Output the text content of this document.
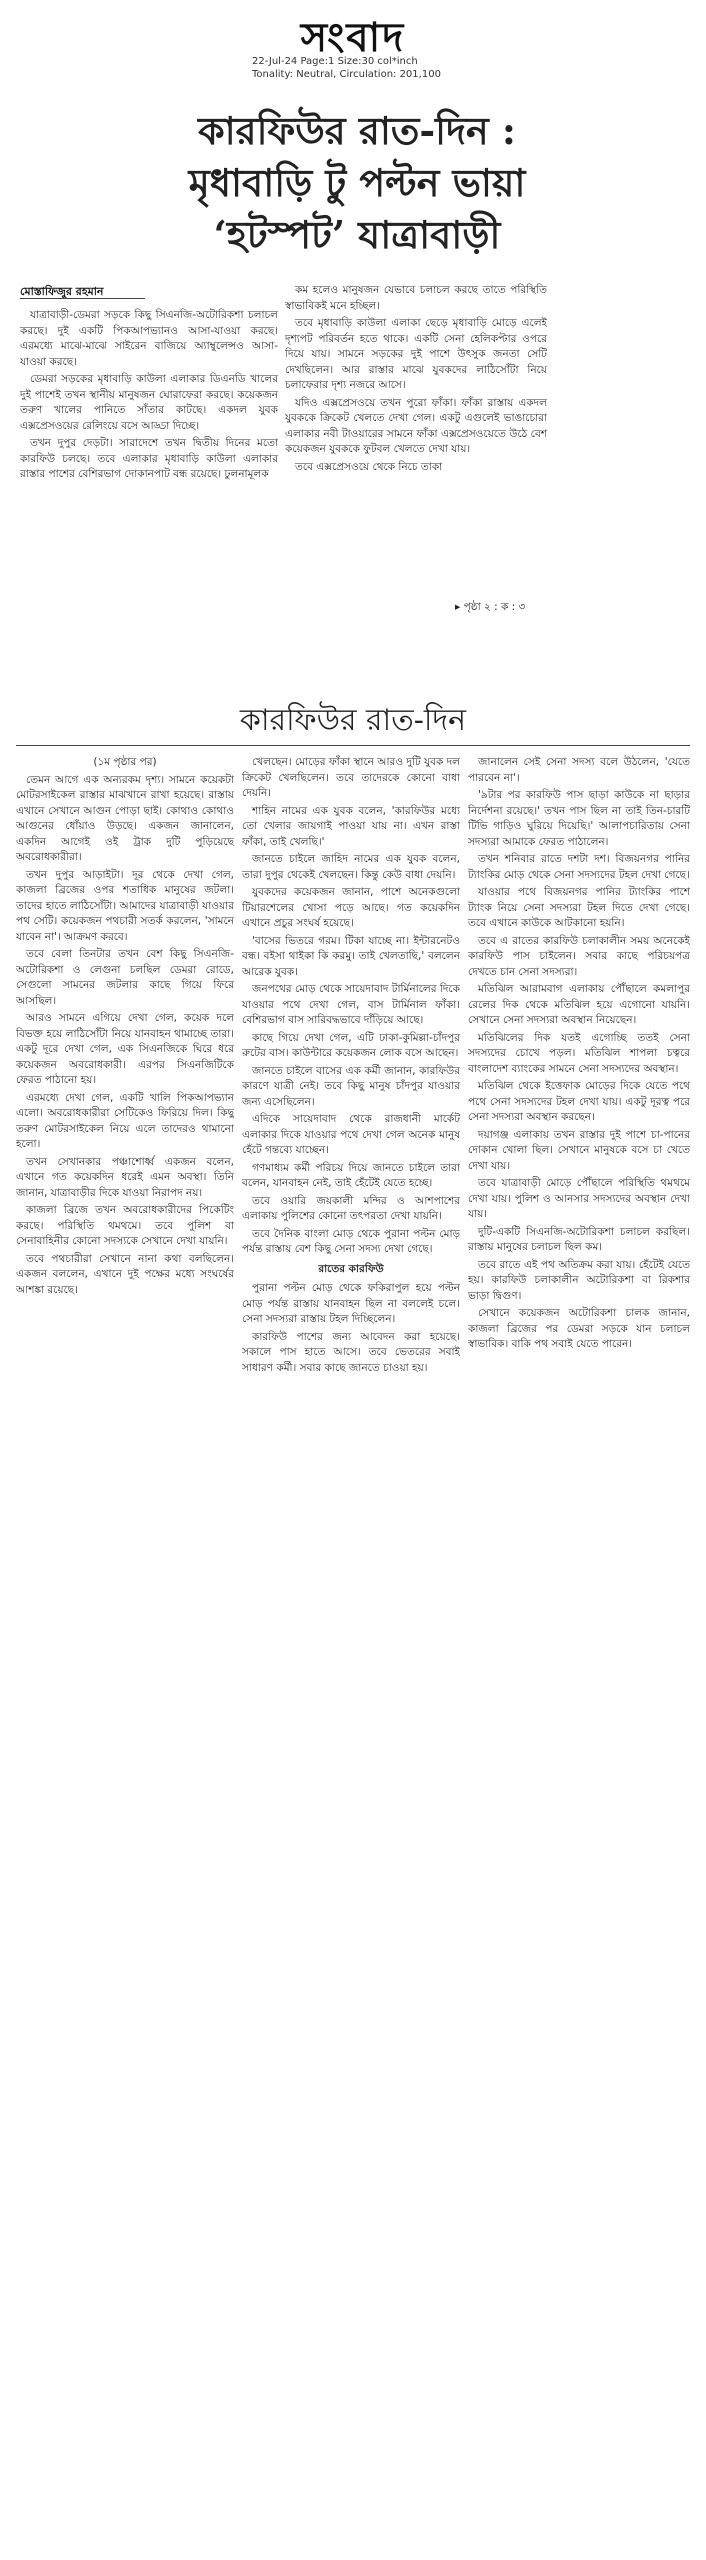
সংবাদ
22-Jul-24 Page:1 Size:30 col*inch
Tonality: Neutral, Circulation: 201,100
কারফিউর রাত-দিন :
মৃধাবাড়ি টু পল্টন ভায়া
‘হটস্পট’ যাত্রাবাড়ী
মোস্তাফিজুর রহমান

যাত্রাবাড়ী-ডেমরা সড়কে কিছু সিএনজি-অটোরিকশা চলাচল করছে। দুই একটি পিকআপভ্যানও আসা-যাওয়া করছে। এরমধ্যে মাঝে-মাঝে সাইরেন বাজিয়ে অ্যাম্বুলেন্সও আসা-যাওয়া করছে।

ডেমরা সড়কের মৃধাবাড়ি কাউলা এলাকার ডিএনডি খালের দুই পাশেই তখন স্থানীয় মানুষজন ঘোরাফেরা করছে। কয়েকজন তরুণ খালের পানিতে সাঁতার কাটছে। একদল যুবক এক্সপ্রেসওয়ের রেলিংয়ে বসে আড্ডা দিচ্ছে।

তখন দুপুর দেড়টা। সারাদেশে তখন দ্বিতীয় দিনের মতো কারফিউ চলছে। তবে এলাকার মৃধাবাড়ি কাউলা এলাকার রাস্তার পাশের বেশিরভাগ দোকানপাট বন্ধ রয়েছে। ঢুলনামূলক

কম হলেও মানুষজন যেভাবে চলাচল করছে তাতে পরিস্থিতি স্বাভাবিকই মনে হচ্ছিল।

তবে মৃধাবাড়ি কাউলা এলাকা ছেড়ে মৃধাবাড়ি মোড়ে এলেই দৃশ্যপট পরিবর্তন হতে থাকে। একটি সেনা হেলিকপ্টার ওপরে দিয়ে যায়। সামনে সড়কের দুই পাশে উৎসুক জনতা সেটি দেখছিলেন। আর রাস্তার মাঝে যুবকদের লাঠিসোঁটা নিয়ে চলাফেরার দৃশ্য নজরে আসে।

যদিও এক্সপ্রেসওয়ে তখন পুরো ফাঁকা। ফাঁকা রাস্তায় একদল যুবককে ক্রিকেট খেলতে দেখা গেল। একটু এগুলেই ভাঙাচোরা এলাকার নবী টাওয়ারের সামনে ফাঁকা এক্সপ্রেসওয়েতে উঠে বেশ কয়েকজন যুবককে ফুটবল খেলতে দেখা যায়।

তবে এক্সপ্রেসওয়ে থেকে নিচে তাকা

▸ পৃষ্ঠা ২ : ক : ৩
কারফিউর রাত-দিন

(১ম পৃষ্ঠার পর)

তেমন আগে এক অন্যরকম দৃশ্য। সামনে কয়েকটা মোটরসাইকেল রাস্তার মাঝখানে রাখা হয়েছে। রাস্তায় এখানে সেখানে আগুন পোড়া ছাই। কোথাও কোথাও আগুনের ধোঁয়াও উড়ছে। একজন জানালেন, একদিন আগেই ওই ট্রাক দুটি পুড়িয়েছে অবরোধকারীরা।

তখন দুপুর আড়াইটা। দূর থেকে দেখা গেল, কাজলা ব্রিজের ওপর শতাধিক মানুষের জটলা। তাদের হাতে লাঠিসোঁটা। আমাদের যাত্রাবাড়ী যাওয়ার পথ সেটি। কয়েকজন পথচারী সতর্ক করলেন, 'সামনে যাবেন না'। আক্রমণ করবে।

তবে বেলা তিনটার তখন বেশ কিছু সিএনজি-অটোরিকশা ও লেগুনা চলছিল ডেমরা রোডে, সেগুলো সামনের জটলার কাছে গিয়ে ফিরে আসছিল।

আরও সামনে এগিয়ে দেখা গেল, কয়েক দলে বিভক্ত হয়ে লাঠিসোঁটা নিয়ে যানবাহন থামাচ্ছে তারা। একটু দূরে দেখা গেল, এক সিএনজিকে ঘিরে ধরে কয়েকজন অবরোধকারী। এরপর সিএনজিটিকে ফেরত পাঠানো হয়।

এরমধ্যে দেখা গেল, একটি খালি পিকআপভ্যান এলো। অবরোধকারীরা সেটিকেও ফিরিয়ে দিল। কিছু তরুণ মোটরসাইকেল নিয়ে এলে তাদেরও থামানো হলো।

তখন সেখানকার পঞ্চাশোর্ধ্ব একজন বলেন, এখানে গত কয়েকদিন ধরেই এমন অবস্থা। তিনি জানান, যাত্রাবাড়ীর দিকে যাওয়া নিরাপদ নয়।

কাজলা ব্রিজে তখন অবরোধকারীদের পিকেটিং করছে। পরিস্থিতি থমথমে। তবে পুলিশ বা সেনাবাহিনীর কোনো সদস্যকে সেখানে দেখা যায়নি।

তবে পথচারীরা সেখানে নানা কথা বলছিলেন। একজন বললেন, এখানে দুই পক্ষের মধ্যে সংঘর্ষের আশঙ্কা রয়েছে।

খেলছেন। মোড়ের ফাঁকা স্থানে আরও দুটি যুবক দল ক্রিকেট খেলছিলেন। তবে তাদেরকে কোনো বাধা দেয়নি।

শাহিন নামের এক যুবক বলেন, 'কারফিউর মধ্যে তো খেলার জায়গাই পাওয়া যায় না। এখন রাস্তা ফাঁকা, তাই খেলছি।'

জানতে চাইলে জাহিদ নামের এক যুবক বলেন, তারা দুপুর থেকেই খেলছেন। কিন্তু কেউ বাধা দেয়নি।

যুবকদের কয়েকজন জানান, পাশে অনেকগুলো টিয়ারশেলের খোসা পড়ে আছে। গত কয়েকদিন এখানে প্রচুর সংঘর্ষ হয়েছে।

'বাসের ভিতরে গরম। টিকা যাচ্ছে না। ইন্টারনেটও বন্ধ। বইসা থাইকা কি করমু। তাই খেলতাছি,' বললেন আরেক যুবক।

জনপথের মোড় থেকে সায়েদাবাদ টার্মিনালের দিকে যাওয়ার পথে দেখা গেল, বাস টার্মিনাল ফাঁকা। বেশিরভাগ বাস সারিবদ্ধভাবে দাঁড়িয়ে আছে।

কাছে গিয়ে দেখা গেল, এটি ঢাকা-কুমিল্লা-চাঁদপুর রুটের বাস। কাউন্টারে কয়েকজন লোক বসে আছেন।

জানতে চাইলে বাসের এক কর্মী জানান, কারফিউর কারণে যাত্রী নেই। তবে কিছু মানুষ চাঁদপুর যাওয়ার জন্য এসেছিলেন।

এদিকে সায়েদাবাদ থেকে রাজধানী মার্কেট এলাকার দিকে যাওয়ার পথে দেখা গেল অনেক মানুষ হেঁটে গন্তব্যে যাচ্ছেন।

গণমাধ্যম কর্মী পরিচয় দিয়ে জানতে চাইলে তারা বলেন, যানবাহন নেই, তাই হেঁটেই যেতে হচ্ছে।

তবে ওয়ারি জয়কালী মন্দির ও আশপাশের এলাকায় পুলিশের কোনো তৎপরতা দেখা যায়নি।

তবে দৈনিক বাংলা মোড় থেকে পুরানা পল্টন মোড় পর্যন্ত রাস্তায় বেশ কিছু সেনা সদস্য দেখা গেছে।

রাতের কারফিউ

পুরানা পল্টন মোড় থেকে ফকিরাপুল হয়ে পল্টন মোড় পর্যন্ত রাস্তায় যানবাহন ছিল না বললেই চলে। সেনা সদস্যরা রাস্তায় টহল দিচ্ছিলেন।

কারফিউ পাশের জন্য আবেদন করা হয়েছে। সকালে পাস হাতে আসে। তবে ভেতরের সবাই সাধারণ কর্মী। সবার কাছে জানতে চাওয়া হয়।

জানালেন সেই সেনা সদস্য বলে উঠলেন, 'যেতে পারবেন না'।

'৯টার পর কারফিউ পাস ছাড়া কাউকে না ছাড়ার নির্দেশনা রয়েছে।' তখন পাস ছিল না তাই তিন-চারটি টিভি গাড়িও ঘুরিয়ে দিয়েছি।' আলাপচারিতায় সেনা সদস্যরা আমাকে ফেরত পাঠালেন।

তখন শনিবার রাতে দশটা দশ। বিজয়নগর পানির ট্যাংকির মোড় থেকে সেনা সদস্যদের টহল দেখা গেছে।

যাওয়ার পথে বিজয়নগর পানির ট্যাংকির পাশে ট্যাংক নিয়ে সেনা সদস্যরা টহল দিতে দেখা গেছে। তবে এখানে কাউকে আটকানো হয়নি।

তবে এ রাতের কারফিউ চলাকালীন সময় অনেকেই কারফিউ পাস চাইলেন। সবার কাছে পরিচয়পত্র দেখতে চান সেনা সদস্যরা।

মতিঝিল আরামবাগ এলাকায় পৌঁছালে কমলাপুর রেলের দিক থেকে মতিঝিল হয়ে এগোনো যায়নি। সেখানে সেনা সদস্যরা অবস্থান নিয়েছেন।

মতিঝিলের দিক যতই এগোচ্ছি ততই সেনা সদস্যদের চোখে পড়ল। মতিঝিল শাপলা চত্বরে বাংলাদেশ ব্যাংকের সামনে সেনা সদস্যদের অবস্থান।

মতিঝিল থেকে ইত্তেফাক মোড়ের দিকে যেতে পথে পথে সেনা সদস্যদের টহল দেখা যায়। একটু দূরত্ব পরে সেনা সদস্যরা অবস্থান করছেন।

দয়াগঞ্জ এলাকায় তখন রাস্তার দুই পাশে চা-পানের দোকান খোলা ছিল। সেখানে মানুষকে বসে চা খেতে দেখা যায়।

তবে যাত্রাবাড়ী মোড়ে পৌঁছালে পরিস্থিতি থমথমে দেখা যায়। পুলিশ ও আনসার সদস্যদের অবস্থান দেখা যায়।

দুটি-একটি সিএনজি-অটোরিকশা চলাচল করছিল। রাস্তায় মানুষের চলাচল ছিল কম।

তবে রাতে এই পথ অতিক্রম করা যায়। হেঁটেই যেতে হয়। কারফিউ চলাকালীন অটোরিকশা বা রিকশার ভাড়া দ্বিগুণ।

সেখানে কয়েকজন অটোরিকশা চালক জানান, কাজলা ব্রিজের পর ডেমরা সড়কে যান চলাচল স্বাভাবিক। বাকি পথ সবাই যেতে পারেন।
